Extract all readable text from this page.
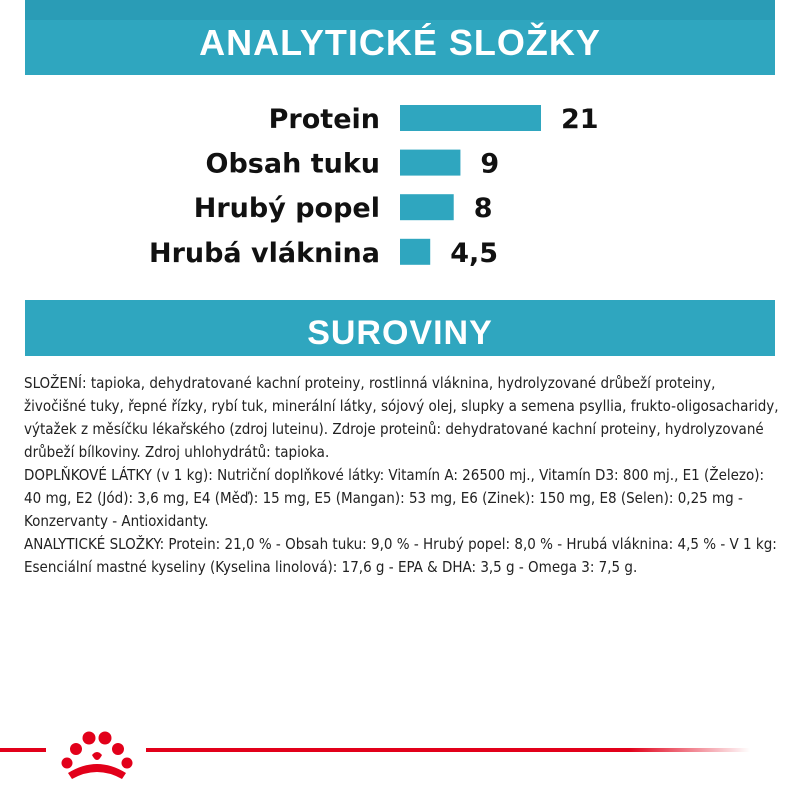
ANALYTICKÉ SLOŽKY
Protein	21
Obsah tuku	9
Hrubý popel	8
Hrubá vláknina	4,5
SUROVINY

SLOŽENÍ: tapioka, dehydratované kachní proteiny, rostlinná vláknina, hydrolyzované drůbeží proteiny, živočišné tuky, řepné řízky, rybí tuk, minerální látky, sójový olej, slupky a semena psyllia, frukto-oligosacharidy, výtažek z měsíčku lékařského (zdroj luteinu). Zdroje proteinů: dehydratované kachní proteiny, hydrolyzované drůbeží bílkoviny. Zdroj uhlohydrátů: tapioka.

DOPLŇKOVÉ LÁTKY (v 1 kg): Nutriční doplňkové látky: Vitamín A: 26500 mj., Vitamín D3: 800 mj., E1 (Železo): 40 mg, E2 (Jód): 3,6 mg, E4 (Měď): 15 mg, E5 (Mangan): 53 mg, E6 (Zinek): 150 mg, E8 (Selen): 0,25 mg - Konzervanty - Antioxidanty.

ANALYTICKÉ SLOŽKY: Protein: 21,0 % - Obsah tuku: 9,0 % - Hrubý popel: 8,0 % - Hrubá vláknina: 4,5 % - V 1 kg: Esenciální mastné kyseliny (Kyselina linolová): 17,6 g - EPA & DHA: 3,5 g - Omega 3: 7,5 g.
